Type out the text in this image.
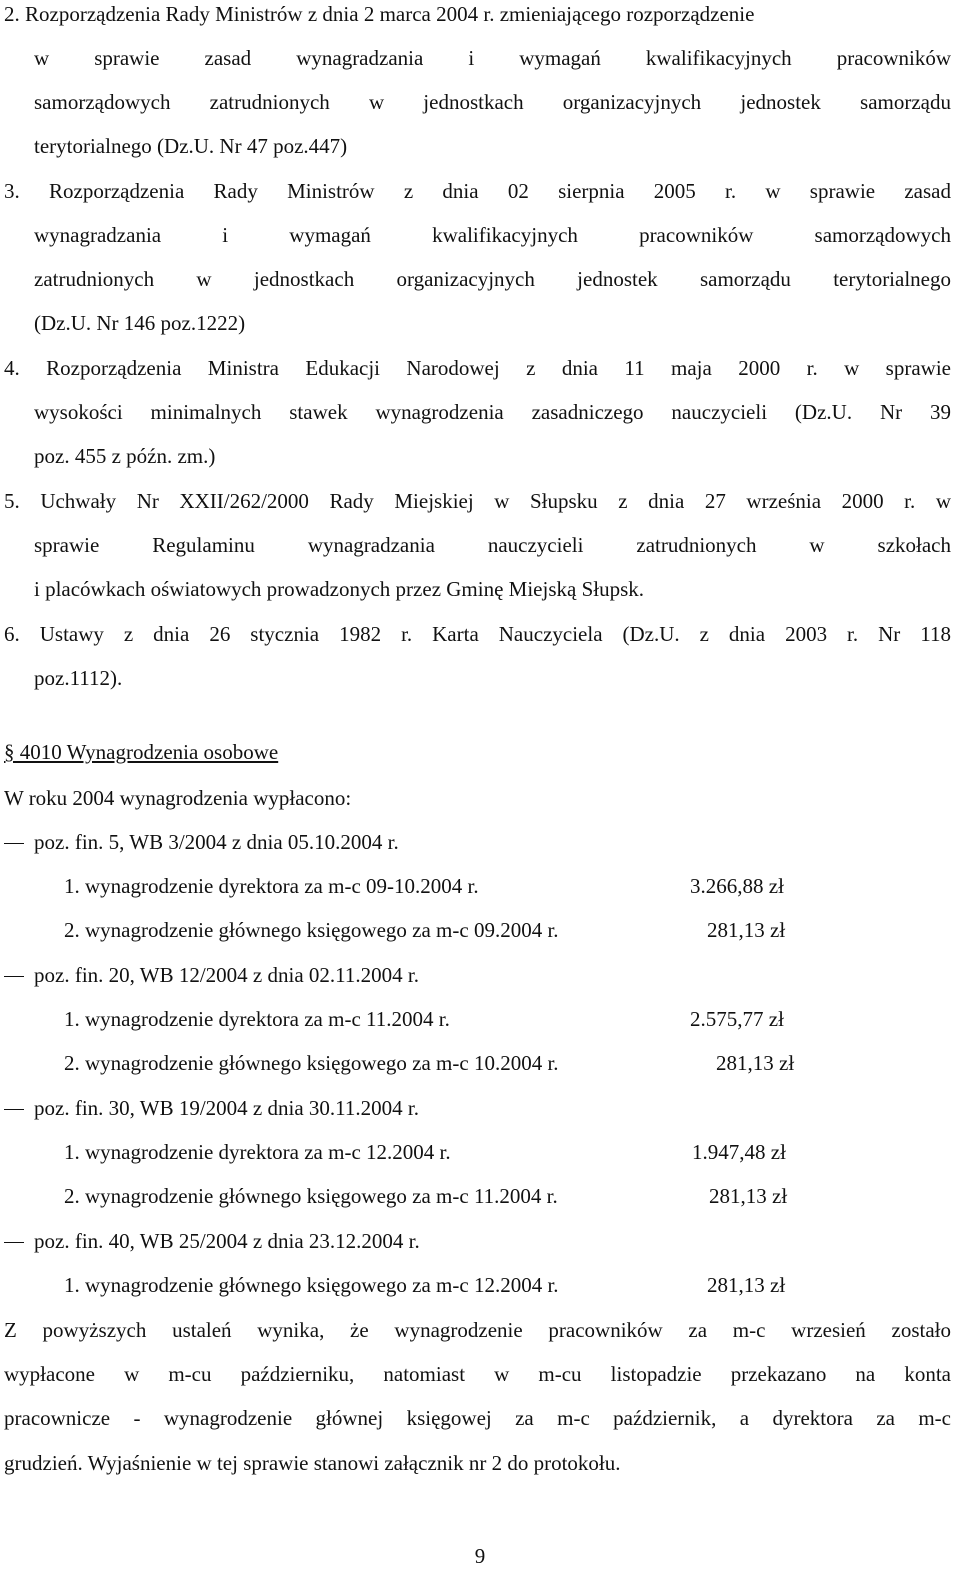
2. Rozporządzenia Rady Ministrów z dnia 2 marca 2004 r. zmieniającego rozporządzenie
w sprawie zasad wynagradzania i wymagań kwalifikacyjnych pracowników
samorządowych zatrudnionych w jednostkach organizacyjnych jednostek samorządu
terytorialnego (Dz.U. Nr 47 poz.447)
3. Rozporządzenia Rady Ministrów z dnia 02 sierpnia 2005 r. w sprawie zasad
wynagradzania i wymagań kwalifikacyjnych pracowników samorządowych
zatrudnionych w jednostkach organizacyjnych jednostek samorządu terytorialnego
(Dz.U. Nr 146 poz.1222)
4. Rozporządzenia Ministra Edukacji Narodowej z dnia 11 maja 2000 r. w sprawie
wysokości minimalnych stawek wynagrodzenia zasadniczego nauczycieli (Dz.U. Nr 39
poz. 455 z późn. zm.)
5. Uchwały Nr XXII/262/2000 Rady Miejskiej w Słupsku z dnia 27 września 2000 r. w
sprawie Regulaminu wynagradzania nauczycieli zatrudnionych w szkołach
i placówkach oświatowych prowadzonych przez Gminę Miejską Słupsk.
6. Ustawy z dnia 26 stycznia 1982 r. Karta Nauczyciela (Dz.U. z dnia 2003 r. Nr 118
poz.1112).
§ 4010 Wynagrodzenia osobowe
W roku 2004 wynagrodzenia wypłacono:
poz. fin. 5, WB 3/2004 z dnia 05.10.2004 r.
1. wynagrodzenie dyrektora za m-c 09-10.2004 r.	3.266,88 zł
2. wynagrodzenie głównego księgowego za m-c 09.2004 r.	281,13 zł
poz. fin. 20, WB 12/2004 z dnia 02.11.2004 r.
1. wynagrodzenie dyrektora za m-c 11.2004 r.	2.575,77 zł
2. wynagrodzenie głównego księgowego za m-c 10.2004 r.	281,13 zł
poz. fin. 30, WB 19/2004 z dnia 30.11.2004 r.
1. wynagrodzenie dyrektora za m-c 12.2004 r.	1.947,48 zł
2. wynagrodzenie głównego księgowego za m-c 11.2004 r.	281,13 zł
poz. fin. 40, WB 25/2004 z dnia 23.12.2004 r.
1. wynagrodzenie głównego księgowego za m-c 12.2004 r.	281,13 zł
Z powyższych ustaleń wynika, że wynagrodzenie pracowników za m-c wrzesień zostało
wypłacone w m-cu październiku, natomiast w m-cu listopadzie przekazano na konta
pracownicze - wynagrodzenie głównej księgowej za m-c październik, a dyrektora za m-c
grudzień. Wyjaśnienie w tej sprawie stanowi załącznik nr 2 do protokołu.
9
